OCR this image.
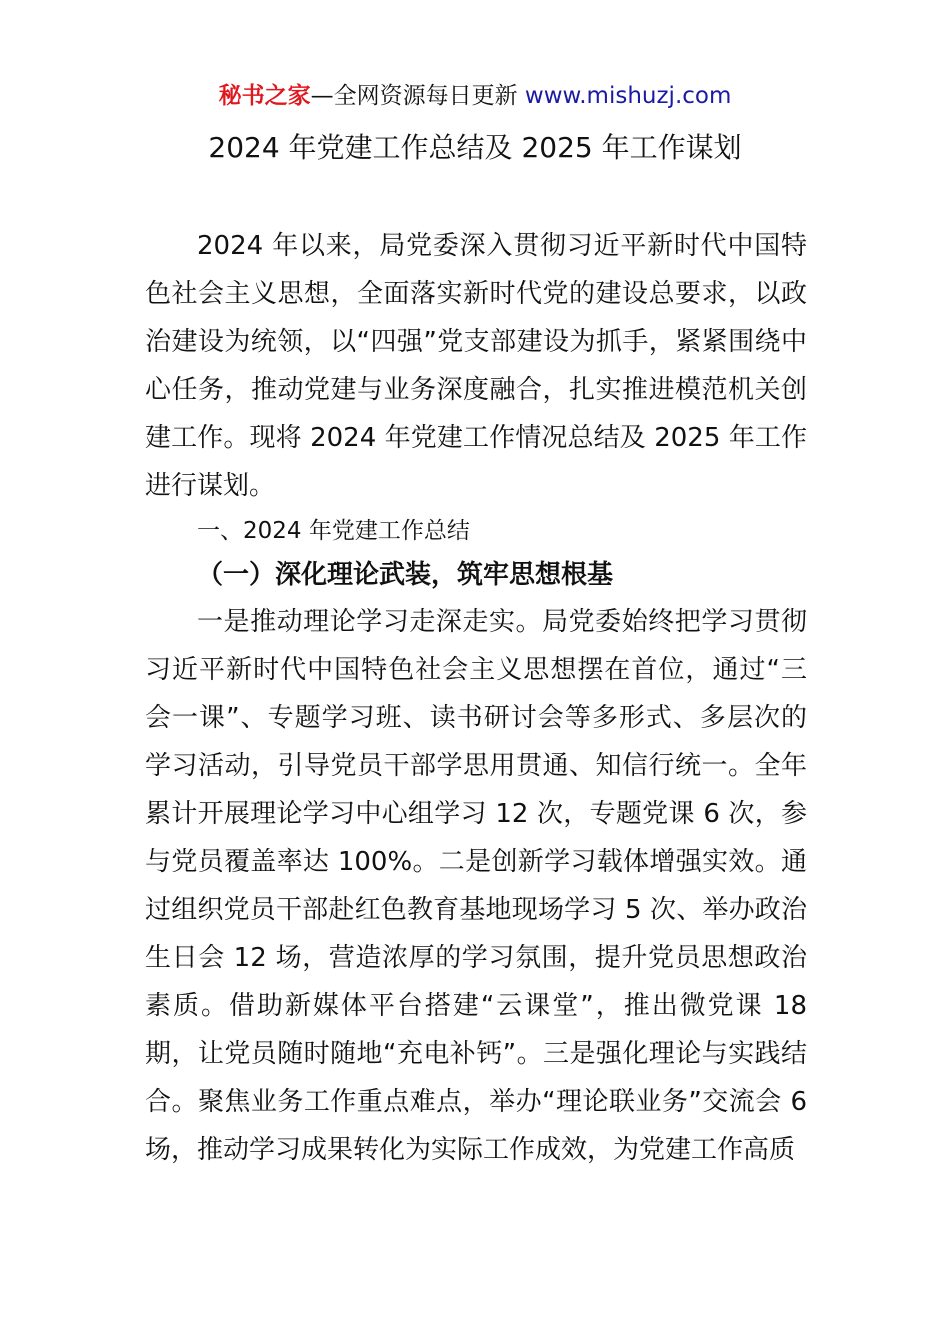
秘书之家—全网资源每日更新 www.mishuzj.com
2024 年党建工作总结及 2025 年工作谋划

2024 年以来，局党委深入贯彻习近平新时代中国特色社会主义思想，全面落实新时代党的建设总要求，以政治建设为统领，以“四强”党支部建设为抓手，紧紧围绕中心任务，推动党建与业务深度融合，扎实推进模范机关创建工作。现将 2024 年党建工作情况总结及 2025 年工作进行谋划。

一、2024 年党建工作总结

（一）深化理论武装，筑牢思想根基

一是推动理论学习走深走实。局党委始终把学习贯彻习近平新时代中国特色社会主义思想摆在首位，通过“三会一课”、专题学习班、读书研讨会等多形式、多层次的学习活动，引导党员干部学思用贯通、知信行统一。全年累计开展理论学习中心组学习 12 次，专题党课 6 次，参与党员覆盖率达 100%。二是创新学习载体增强实效。通过组织党员干部赴红色教育基地现场学习 5 次、举办政治生日会 12 场，营造浓厚的学习氛围，提升党员思想政治素质。借助新媒体平台搭建“云课堂”，推出微党课 18 期，让党员随时随地“充电补钙”。三是强化理论与实践结合。聚焦业务工作重点难点，举办“理论联业务”交流会 6 场，推动学习成果转化为实际工作成效，为党建工作高质
